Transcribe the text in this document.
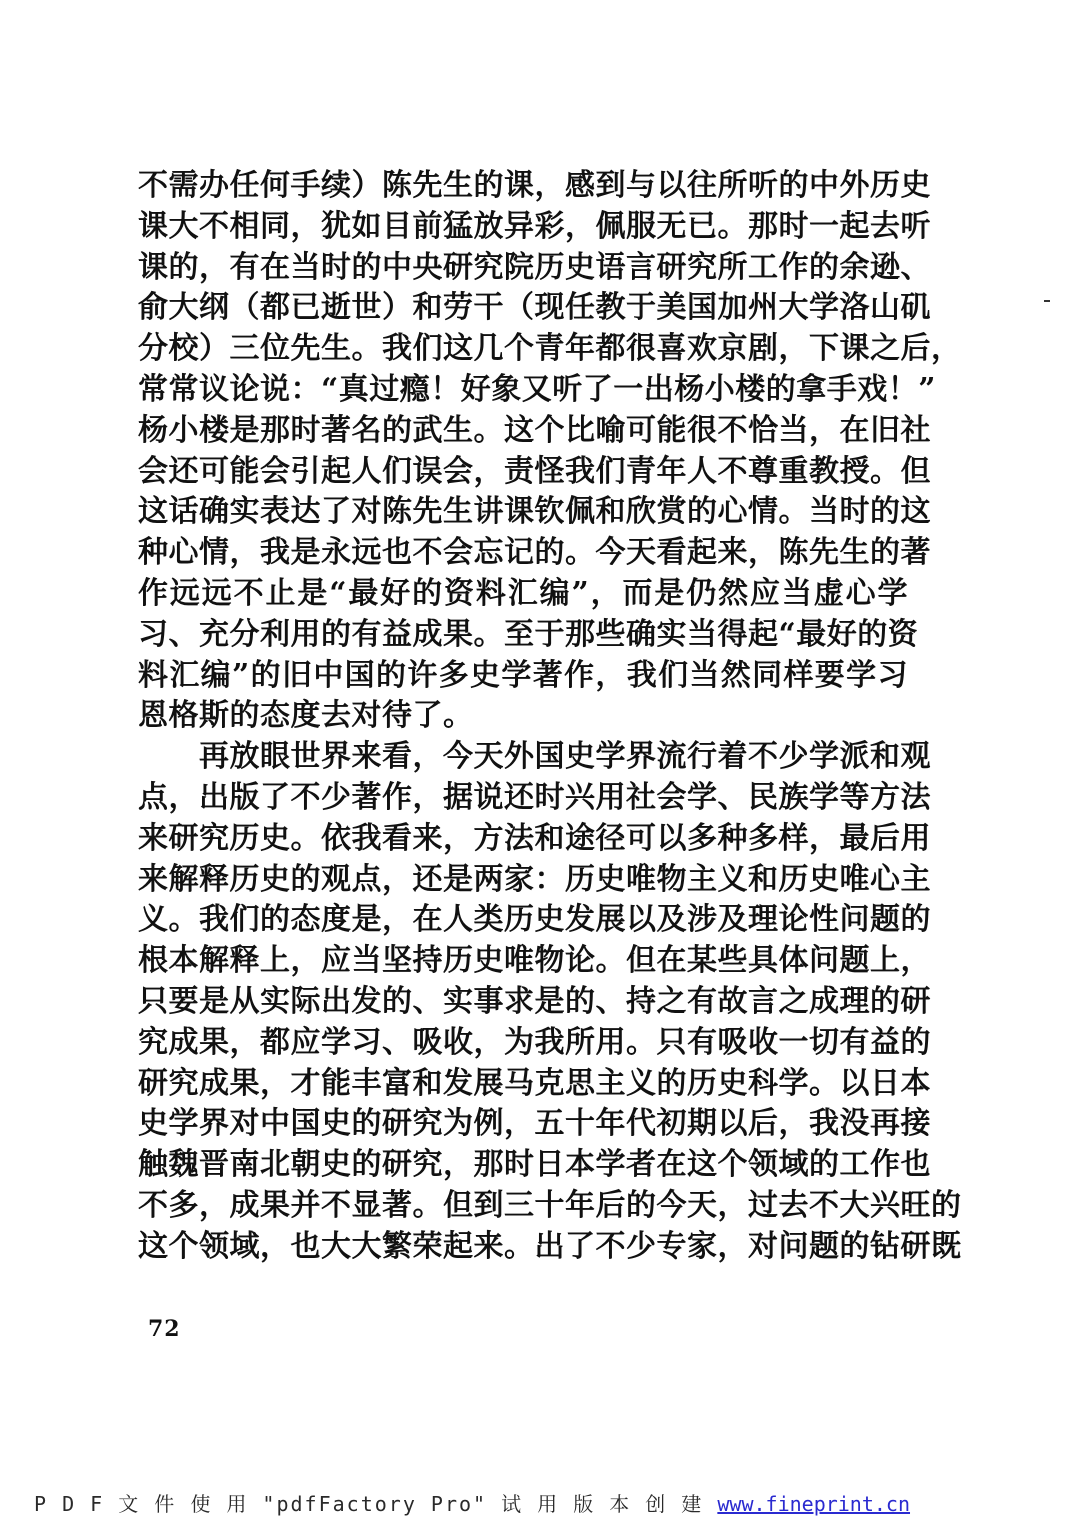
不需办任何手续）陈先生的课，感到与以往所听的中外历史
课大不相同，犹如目前猛放异彩，佩服无已。那时一起去听
课的，有在当时的中央研究院历史语言研究所工作的余逊、
俞大纲（都已逝世）和劳干（现任教于美国加州大学洛山矶
分校）三位先生。我们这几个青年都很喜欢京剧，下课之后，
常常议论说：“真过瘾！好象又听了一出杨小楼的拿手戏！”
杨小楼是那时著名的武生。这个比喻可能很不恰当，在旧社
会还可能会引起人们误会，责怪我们青年人不尊重教授。但
这话确实表达了对陈先生讲课钦佩和欣赏的心情。当时的这
种心情，我是永远也不会忘记的。今天看起来，陈先生的著
作远远不止是“最好的资料汇编”，而是仍然应当虚心学
习、充分利用的有益成果。至于那些确实当得起“最好的资
料汇编”的旧中国的许多史学著作，我们当然同样要学习
恩格斯的态度去对待了。
　　再放眼世界来看，今天外国史学界流行着不少学派和观
点，出版了不少著作，据说还时兴用社会学、民族学等方法
来研究历史。依我看来，方法和途径可以多种多样，最后用
来解释历史的观点，还是两家：历史唯物主义和历史唯心主
义。我们的态度是，在人类历史发展以及涉及理论性问题的
根本解释上，应当坚持历史唯物论。但在某些具体问题上，
只要是从实际出发的、实事求是的、持之有故言之成理的研
究成果，都应学习、吸收，为我所用。只有吸收一切有益的
研究成果，才能丰富和发展马克思主义的历史科学。以日本
史学界对中国史的研究为例，五十年代初期以后，我没再接
触魏晋南北朝史的研究，那时日本学者在这个领域的工作也
不多，成果并不显著。但到三十年后的今天，过去不大兴旺的
这个领域，也大大繁荣起来。出了不少专家，对问题的钻研既
72
P D F 文 件 使 用 "pdfFactory Pro" 试 用 版 本 创 建 www.fineprint.cn
